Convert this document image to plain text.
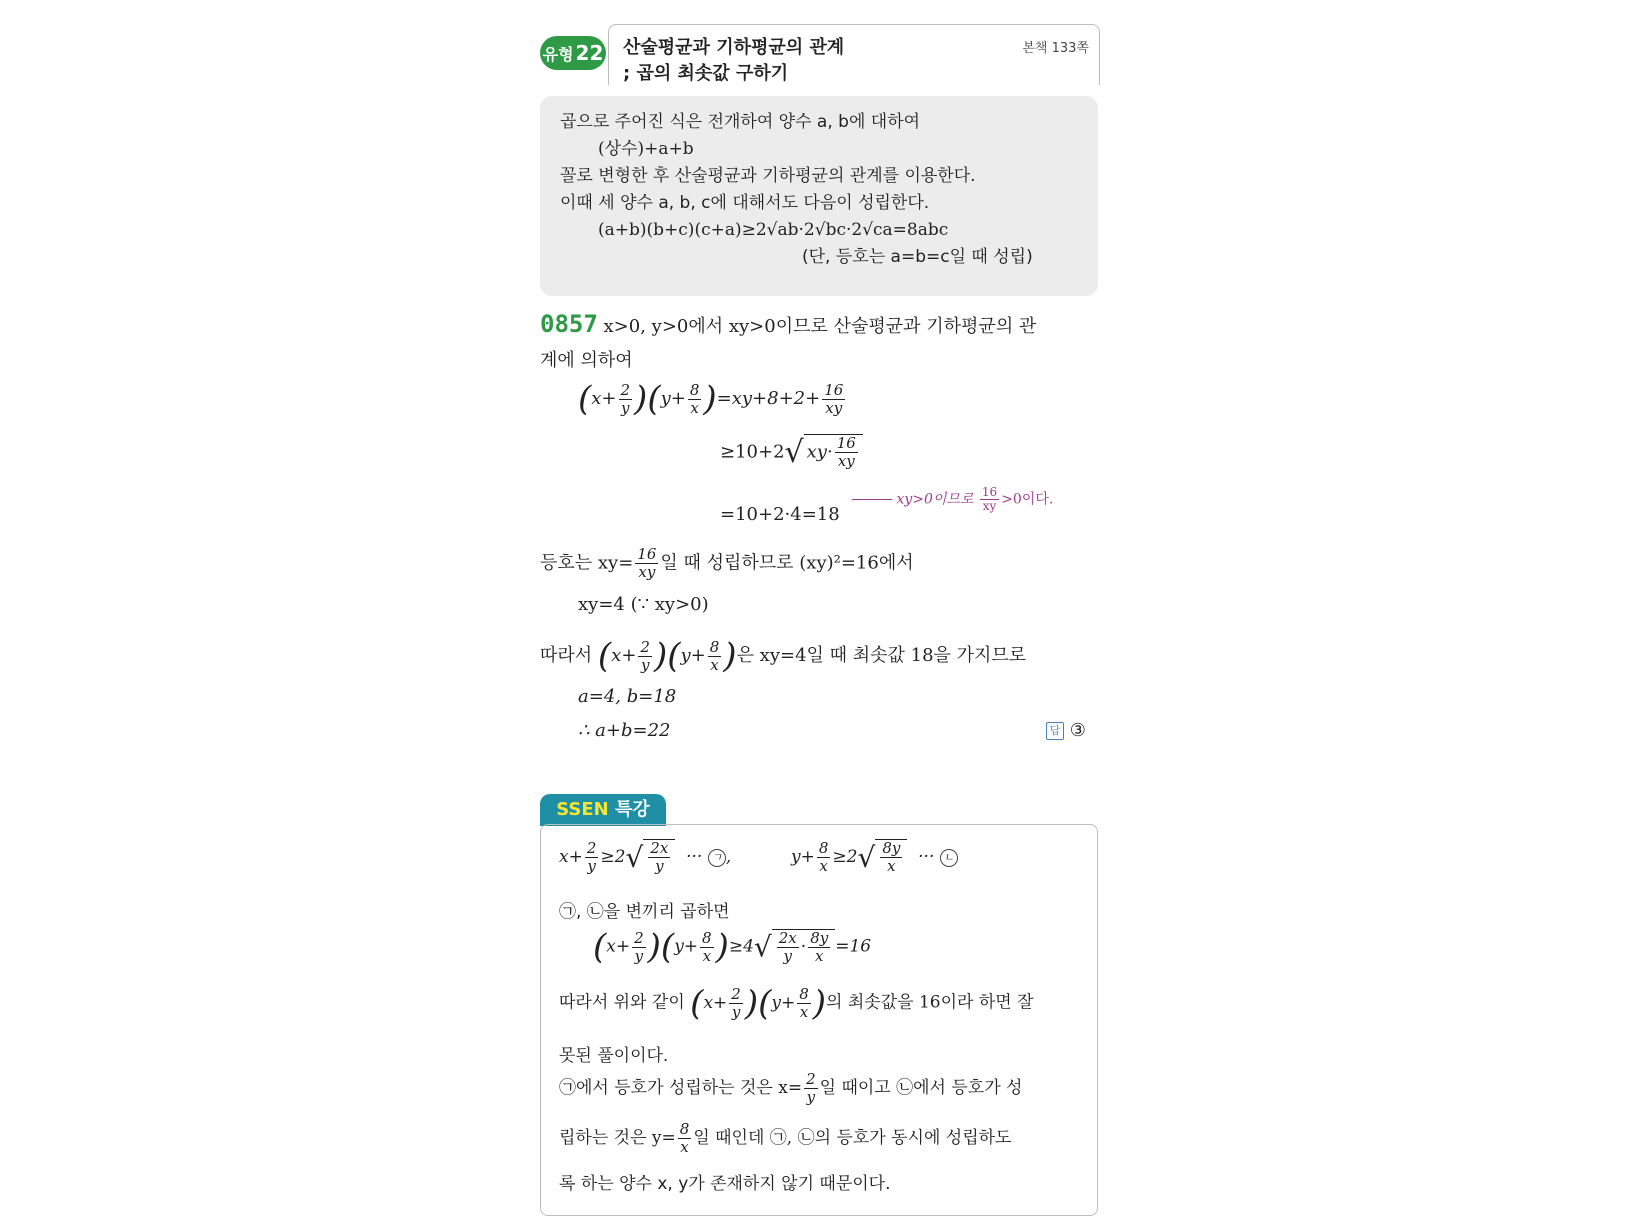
유형 22 산술평균과 기하평균의 관계
; 곱의 최솟값 구하기
본책 133쪽
곱으로 주어진 식은 전개하여 양수 a, b에 대하여
(상수)+a+b
꼴로 변형한 후 산술평균과 기하평균의 관계를 이용한다.
이때 세 양수 a, b, c에 대해서도 다음이 성립한다.
(a+b)(b+c)(c+a)≥2√ab·2√bc·2√ca=8abc
(단, 등호는 a=b=c일 때 성립)
0857 x>0, y>0에서 xy>0이므로 산술평균과 기하평균의 관
계에 의하여
$(x+ \frac{2}{y} )(y+ \frac{8}{x} )=xy+8+2+ \frac{16}{xy}$
≥10+2√ $xy\cdot \frac{16}{xy}$
xy>0이므로 $\frac{16}{xy} >0$이다.
=10+2·4=18
등호는 $xy= \frac{16}{xy}$ 일 때 성립하므로 (xy)²=16에서
xy=4 (∵ xy>0)
따라서 $(x+ \frac{2}{y} )(y+ \frac{8}{x}$ )은 xy=4일 때 최솟값 18을 가지므로
a=4, b=18
∴ a+b=22	답 ③
SSEN 특강
$x+ \frac{2}{y} \ge 2√ \frac{2x}{y}$ ··· ㄱ ,	$y+ \frac{8}{x} \ge 2√ \frac{8y}{x}$ ··· ㄴ
㉠, ㉡을 변끼리 곱하면
$(x+ \frac{2}{y} )(y+ \frac{8}{x} )\ge 4√ \frac{2x}{y} \cdot \frac{8y}{x} =16$
따라서 위와 같이 $(x+ \frac{2}{y} )(y+ \frac{8}{x}$ )의 최솟값을 16이라 하면 잘
못된 풀이이다.
㉠에서 등호가 성립하는 것은 $x= \frac{2}{y}$ 일 때이고 ㉡에서 등호가 성
립하는 것은 $y= \frac{8}{x}$ 일 때인데 ㉠, ㉡의 등호가 동시에 성립하도
록 하는 양수 x, y가 존재하지 않기 때문이다.
